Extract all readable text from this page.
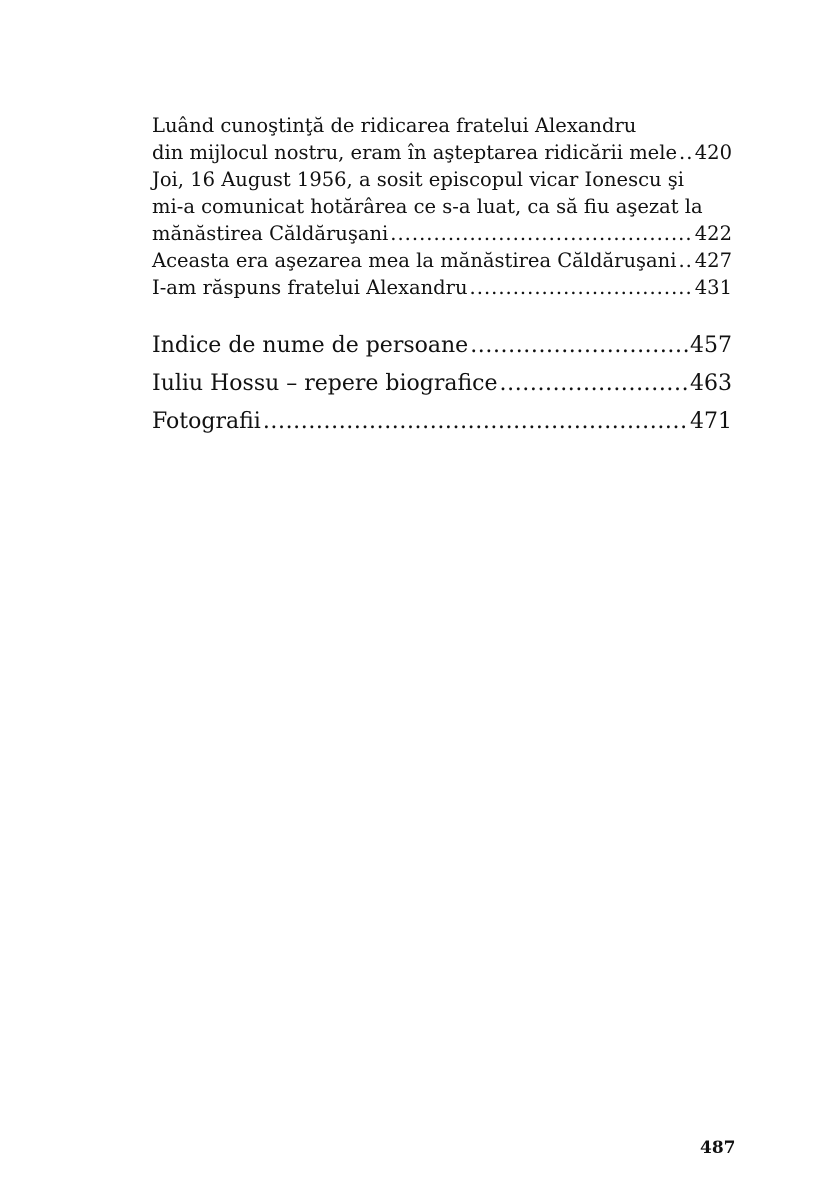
Luând cunoştinţă de ridicarea fratelui Alexandru
din mijlocul nostru, eram în aşteptarea ridicării mele . . . 420
Joi, 16 August 1956, a sosit episcopul vicar Ionescu şi
mi-a comunicat hotărârea ce s-a luat, ca să fiu aşezat la
mănăstirea Căldăruşani . . .	422
Aceasta era aşezarea mea la mănăstirea Căldăruşani . . . 427
I-am răspuns fratelui Alexandru . . .	431
Indice de nume de persoane . . .	457
Iuliu Hossu – repere biografice . . .	463
Fotografii . . .	471
487
